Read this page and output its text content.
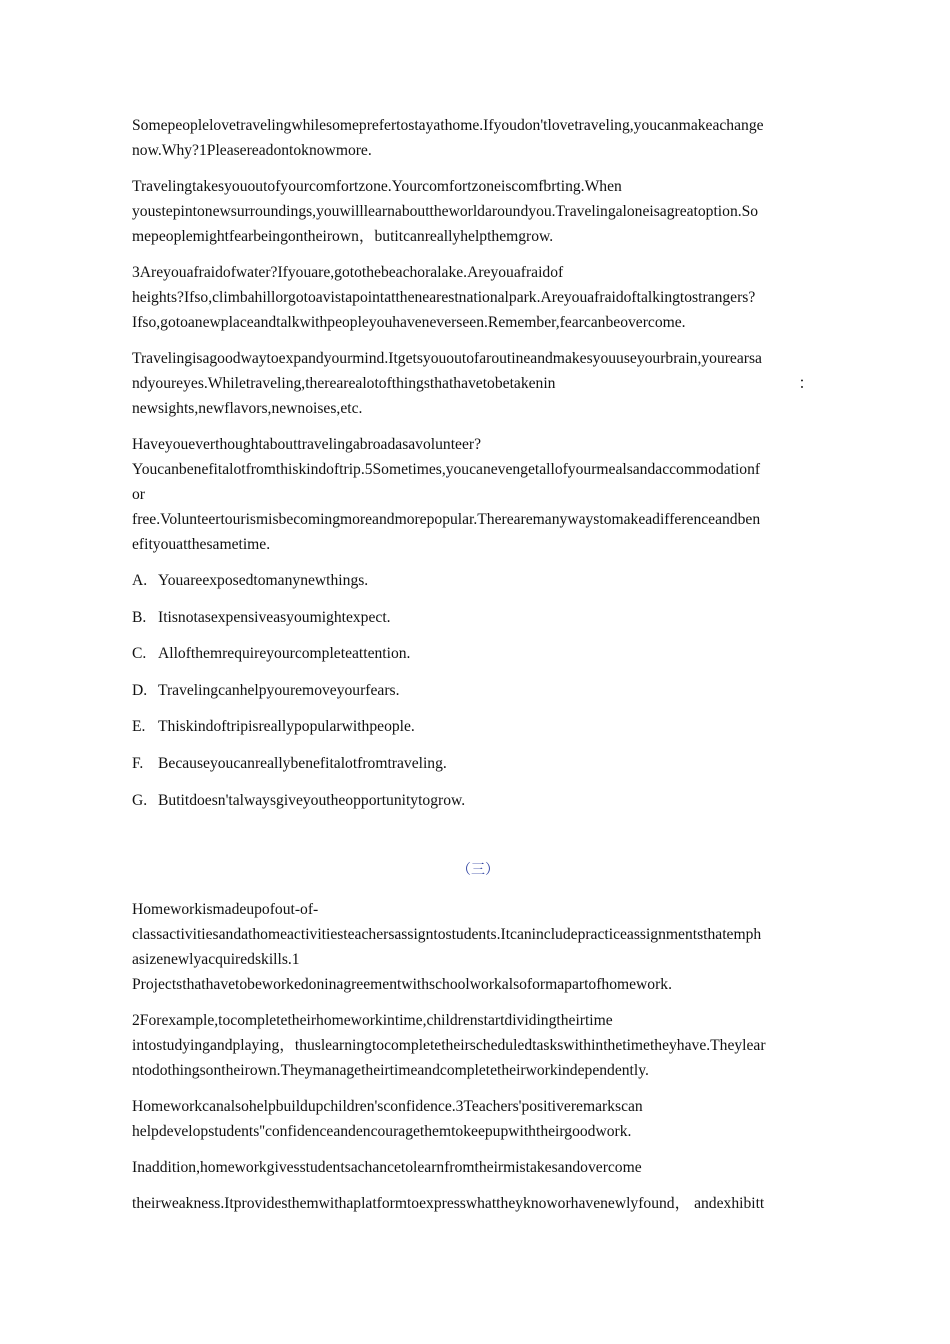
Somepeoplelovetravelingwhilesomeprefertostayathome.Ifyoudon'tlovetraveling,youcanmakeachange
now.Why?1Pleasereadontoknowmore.

Travelingtakesyououtofyourcomfortzone.Yourcomfortzoneiscomfbrting.When
youstepintonewsurroundings,youwilllearnabouttheworldaroundyou.Travelingaloneisagreatoption.So
mepeoplemightfearbeingontheirown，butitcanreallyhelpthemgrow.

3Areyouafraidofwater?Ifyouare,gotothebeachoralake.Areyouafraidof
heights?Ifso,climbahillorgotoavistapointatthenearestnationalpark.Areyouafraidoftalkingtostrangers?
Ifso,gotoanewplaceandtalkwithpeopleyouhaveneverseen.Remember,fearcanbeovercome.

Travelingisagoodwaytoexpandyourmind.Itgetsyououtofaroutineandmakesyouuseyourbrain,yourearsa
ndyoureyes.Whiletraveling,therearealotofthingsthathavetobetakenin	：
newsights,newflavors,newnoises,etc.

Haveyoueverthoughtabouttravelingabroadasavolunteer?
Youcanbenefitalotfromthiskindoftrip.5Sometimes,youcanevengetallofyourmealsandaccommodationf
or
free.Volunteertourismisbecomingmoreandmorepopular.Therearemanywaystomakeadifferenceandben
efityouatthesametime.

A. Youareexposedtomanynewthings.
B. Itisnotasexpensiveasyoumightexpect.
C. Allofthemrequireyourcompleteattention.
D. Travelingcanhelpyouremoveyourfears.
E. Thiskindoftripisreallypopularwithpeople.
F. Becauseyoucanreallybenefitalotfromtraveling.
G. Butitdoesn'talwaysgiveyoutheopportunitytogrow.
（三）

Homeworkismadeupofout-of-
classactivitiesandathomeactivitiesteachersassigntostudents.Itcanincludepracticeassignmentsthatemph
asizenewlyacquiredskills.1
Projectsthathavetobeworkedoninagreementwithschoolworkalsoformapartofhomework.

2Forexample,tocompletetheirhomeworkintime,childrenstartdividingtheirtime
intostudyingandplaying，thuslearningtocompletetheirscheduledtaskswithinthetimetheyhave.Theylear
ntodothingsontheirown.Theymanagetheirtimeandcompletetheirworkindependently.

Homeworkcanalsohelpbuildupchildren'sconfidence.3Teachers'positiveremarkscan
helpdevelopstudents''confidenceandencouragethemtokeepupwiththeirgoodwork.

Inaddition,homeworkgivesstudentsachancetolearnfromtheirmistakesandovercome

theirweakness.Itprovidesthemwithaplatformtoexpresswhattheyknoworhavenewlyfound， andexhibitt
